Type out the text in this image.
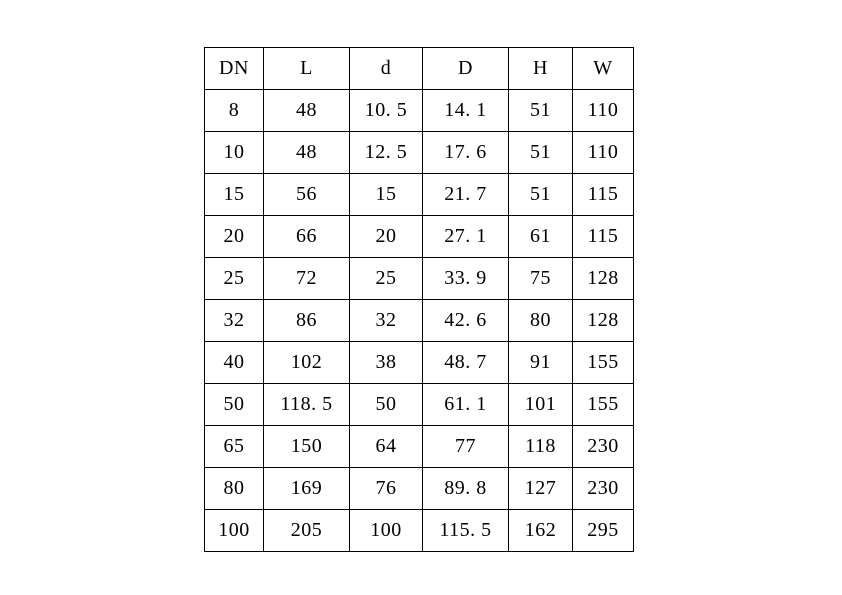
DN	L	d	D	H	W
8	48	10. 5	14. 1	51	110
10	48	12. 5	17. 6	51	110
15	56	15	21. 7	51	115
20	66	20	27. 1	61	115
25	72	25	33. 9	75	128
32	86	32	42. 6	80	128
40	102	38	48. 7	91	155
50	118. 5	50	61. 1	101	155
65	150	64	77	118	230
80	169	76	89. 8	127	230
100	205	100	115. 5	162	295
